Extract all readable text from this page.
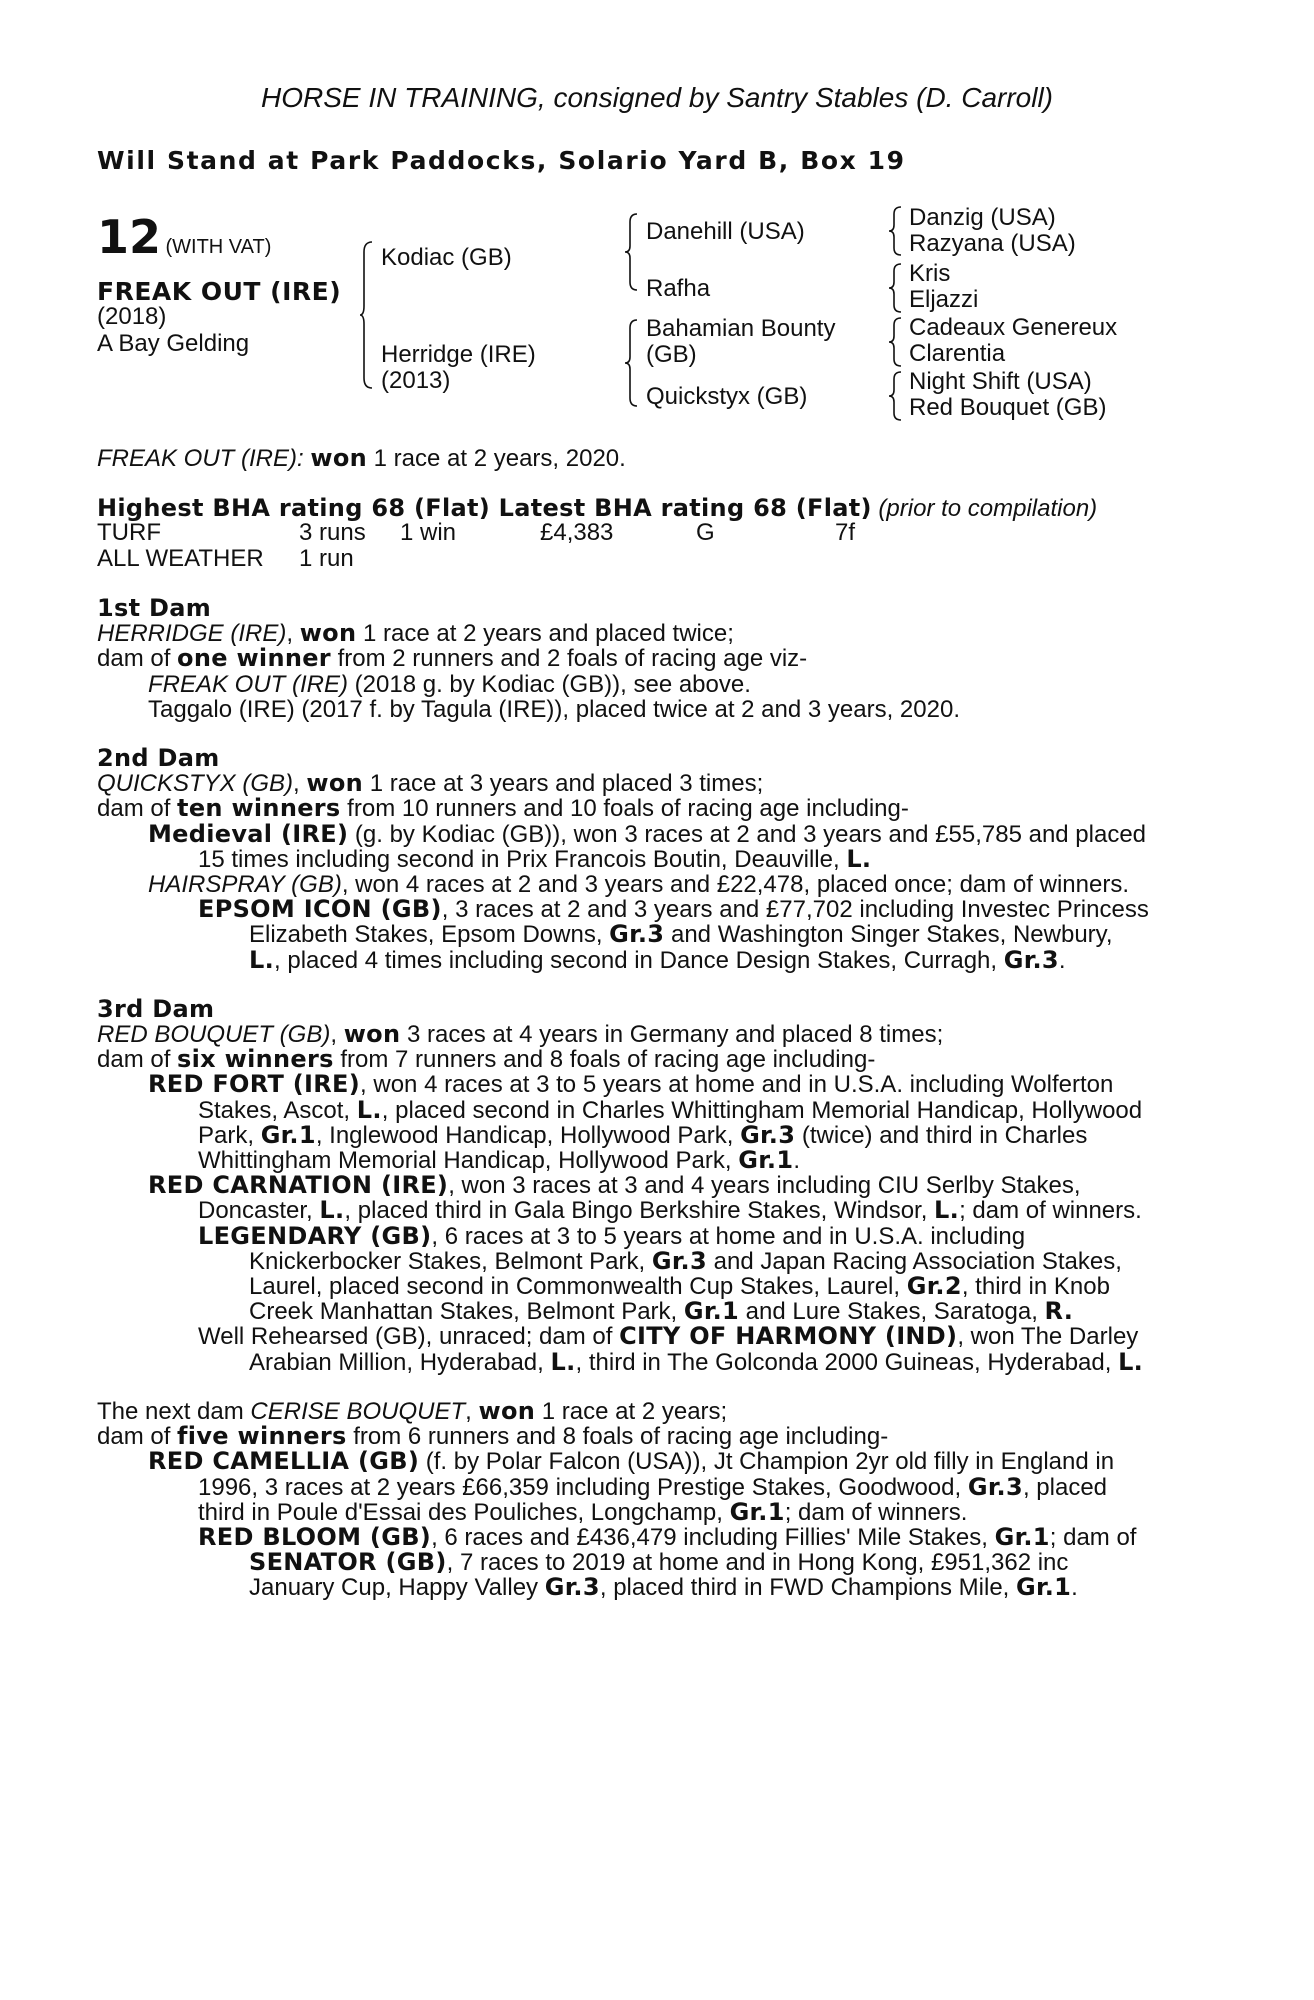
HORSE IN TRAINING, consigned by Santry Stables (D. Carroll)
Will Stand at Park Paddocks, Solario Yard B, Box 19
12 (WITH VAT)
FREAK OUT (IRE)
(2018)
A Bay Gelding
Kodiac (GB)
Herridge (IRE)
(2013)
Danehill (USA)
Rafha
Bahamian Bounty
(GB)
Quickstyx (GB)
Danzig (USA)
Razyana (USA)
Kris
Eljazzi
Cadeaux Genereux
Clarentia
Night Shift (USA)
Red Bouquet (GB)
FREAK OUT (IRE): won 1 race at 2 years, 2020.
Highest BHA rating 68 (Flat) Latest BHA rating 68 (Flat) (prior to compilation)
TURF	3 runs 1 win	£4,383	G	7f
ALL WEATHER 1 run

1st Dam

HERRIDGE (IRE), won 1 race at 2 years and placed twice;

dam of one winner from 2 runners and 2 foals of racing age viz-

FREAK OUT (IRE) (2018 g. by Kodiac (GB)), see above.

Taggalo (IRE) (2017 f. by Tagula (IRE)), placed twice at 2 and 3 years, 2020.

2nd Dam

QUICKSTYX (GB), won 1 race at 3 years and placed 3 times;

dam of ten winners from 10 runners and 10 foals of racing age including-

Medieval (IRE) (g. by Kodiac (GB)), won 3 races at 2 and 3 years and £55,785 and placed

15 times including second in Prix Francois Boutin, Deauville, L.

HAIRSPRAY (GB), won 4 races at 2 and 3 years and £22,478, placed once; dam of winners.

EPSOM ICON (GB), 3 races at 2 and 3 years and £77,702 including Investec Princess

Elizabeth Stakes, Epsom Downs, Gr.3 and Washington Singer Stakes, Newbury,

L., placed 4 times including second in Dance Design Stakes, Curragh, Gr.3.

3rd Dam

RED BOUQUET (GB), won 3 races at 4 years in Germany and placed 8 times;

dam of six winners from 7 runners and 8 foals of racing age including-

RED FORT (IRE), won 4 races at 3 to 5 years at home and in U.S.A. including Wolferton

Stakes, Ascot, L., placed second in Charles Whittingham Memorial Handicap, Hollywood

Park, Gr.1, Inglewood Handicap, Hollywood Park, Gr.3 (twice) and third in Charles

Whittingham Memorial Handicap, Hollywood Park, Gr.1.

RED CARNATION (IRE), won 3 races at 3 and 4 years including CIU Serlby Stakes,

Doncaster, L., placed third in Gala Bingo Berkshire Stakes, Windsor, L.; dam of winners.

LEGENDARY (GB), 6 races at 3 to 5 years at home and in U.S.A. including

Knickerbocker Stakes, Belmont Park, Gr.3 and Japan Racing Association Stakes,

Laurel, placed second in Commonwealth Cup Stakes, Laurel, Gr.2, third in Knob

Creek Manhattan Stakes, Belmont Park, Gr.1 and Lure Stakes, Saratoga, R.

Well Rehearsed (GB), unraced; dam of CITY OF HARMONY (IND), won The Darley

Arabian Million, Hyderabad, L., third in The Golconda 2000 Guineas, Hyderabad, L.

The next dam CERISE BOUQUET, won 1 race at 2 years;

dam of five winners from 6 runners and 8 foals of racing age including-

RED CAMELLIA (GB) (f. by Polar Falcon (USA)), Jt Champion 2yr old filly in England in

1996, 3 races at 2 years £66,359 including Prestige Stakes, Goodwood, Gr.3, placed

third in Poule d'Essai des Pouliches, Longchamp, Gr.1; dam of winners.

RED BLOOM (GB), 6 races and £436,479 including Fillies' Mile Stakes, Gr.1; dam of

SENATOR (GB), 7 races to 2019 at home and in Hong Kong, £951,362 inc

January Cup, Happy Valley Gr.3, placed third in FWD Champions Mile, Gr.1.
